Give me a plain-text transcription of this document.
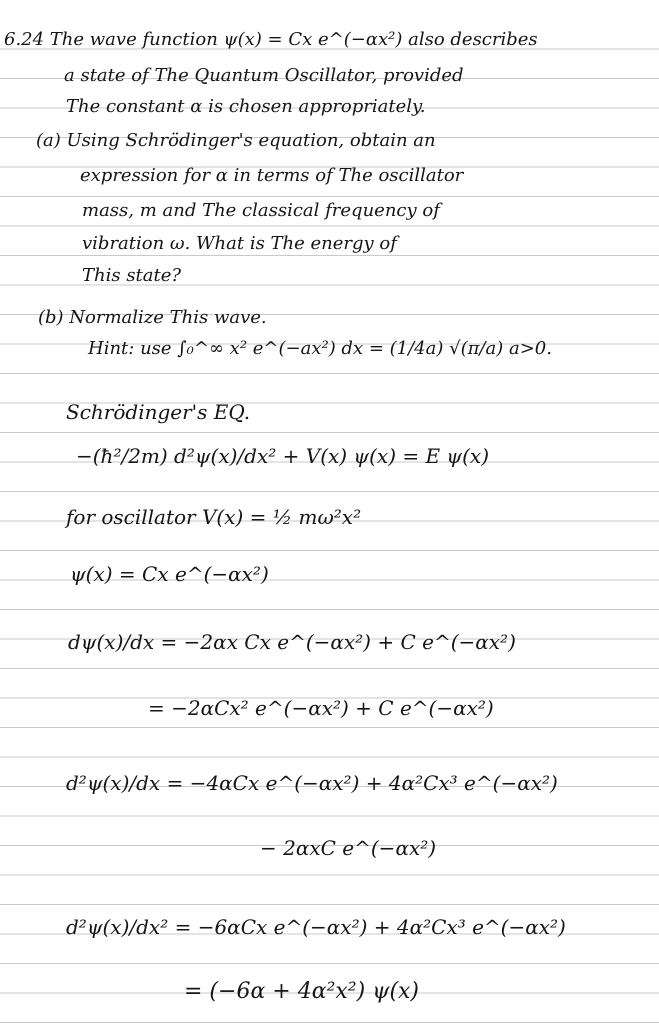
6.24 The wave function ψ(x) = Cx e^(−αx²) also describes
a state of The Quantum Oscillator, provided
The constant α is chosen appropriately.
(a) Using Schrödinger's equation, obtain an
expression for α in terms of The oscillator
mass, m and The classical frequency of
vibration ω. What is The energy of
This state?
(b) Normalize This wave.
Hint: use ∫₀^∞ x² e^(−ax²) dx = (1/4a) √(π/a) a>0.
Schrödinger's EQ.
−(ħ²/2m) d²ψ(x)/dx² + V(x) ψ(x) = E ψ(x)
for oscillator V(x) = ½ mω²x²
ψ(x) = Cx e^(−αx²)
dψ(x)/dx = −2αx Cx e^(−αx²) + C e^(−αx²)
= −2αCx² e^(−αx²) + C e^(−αx²)
d²ψ(x)/dx = −4αCx e^(−αx²) + 4α²Cx³ e^(−αx²)
− 2αxC e^(−αx²)
d²ψ(x)/dx² = −6αCx e^(−αx²) + 4α²Cx³ e^(−αx²)
= (−6α + 4α²x²) ψ(x)
